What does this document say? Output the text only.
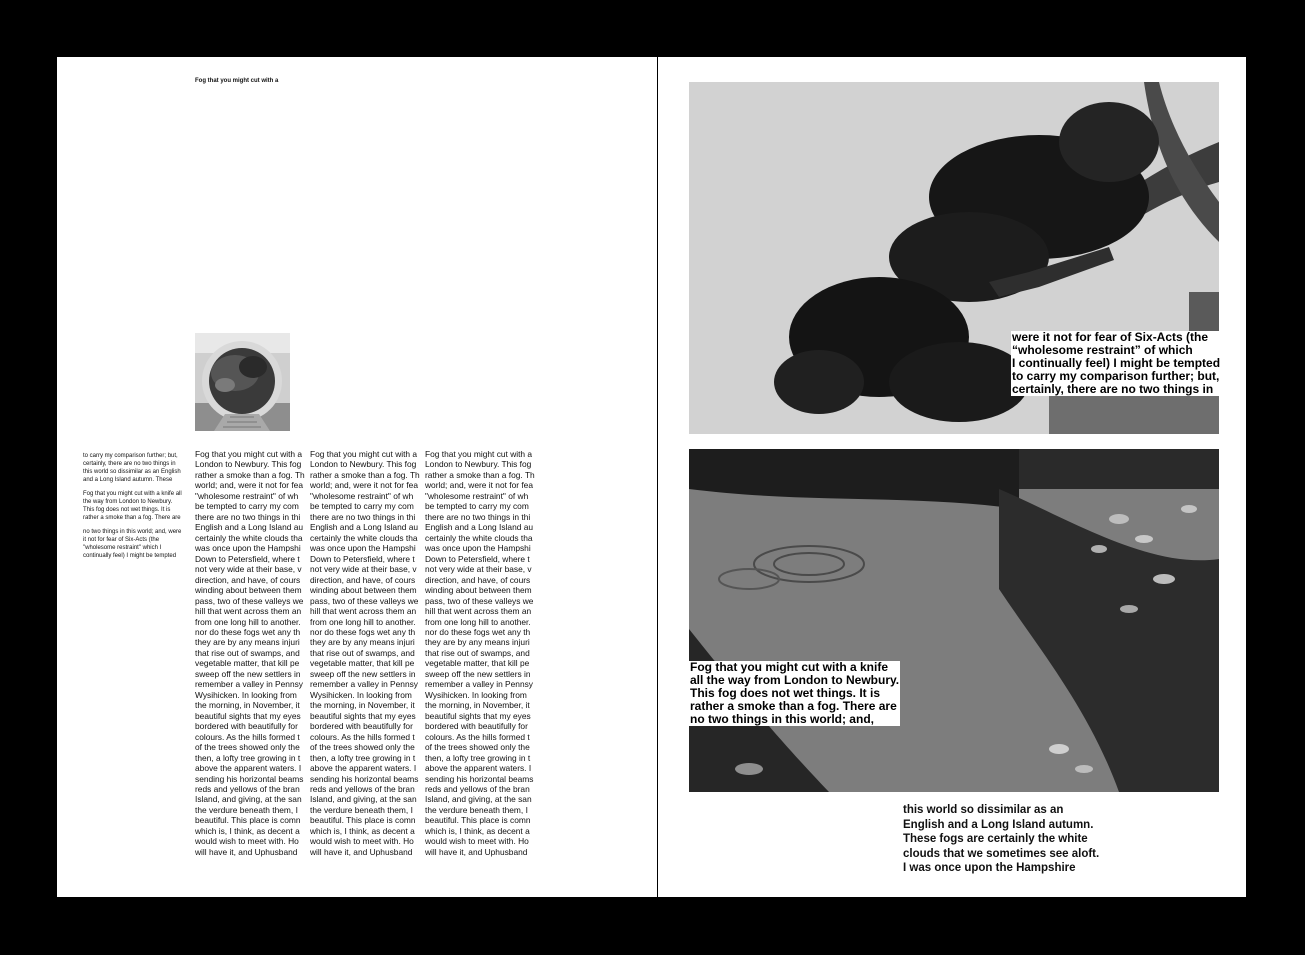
Fog that you might cut with a

to carry my comparison further; but, certainly, there are no two things in this world so dissimilar as an English and a Long Island autumn. These

Fog that you might cut with a knife all the way from London to Newbury. This fog does not wet things. It is rather a smoke than a fog. There are

no two things in this world; and, were it not for fear of Six-Acts (the "wholesome restraint" which I continually feel) I might be tempted

Fog that you might cut with a
London to Newbury. This fog
rather a smoke than a fog. Th
world; and, were it not for fea
"wholesome restraint" of wh
be tempted to carry my com
there are no two things in thi
English and a Long Island au
certainly the white clouds tha
was once upon the Hampshi
Down to Petersfield, where t
not very wide at their base, v
direction, and have, of cours
winding about between them
pass, two of these valleys we
hill that went across them an
from one long hill to another.
nor do these fogs wet any th
they are by any means injuri
that rise out of swamps, and
vegetable matter, that kill pe
sweep off the new settlers in
remember a valley in Pennsy
Wysihicken. In looking from
the morning, in November, it
beautiful sights that my eyes
bordered with beautifully for
colours. As the hills formed t
of the trees showed only the
then, a lofty tree growing in t
above the apparent waters. I
sending his horizontal beams
reds and yellows of the bran
Island, and giving, at the san
the verdure beneath them, I
beautiful. This place is comn
which is, I think, as decent a
would wish to meet with. Ho
will have it, and Uphusband
Fog that you might cut with a
London to Newbury. This fog
rather a smoke than a fog. Th
world; and, were it not for fea
"wholesome restraint" of wh
be tempted to carry my com
there are no two things in thi
English and a Long Island au
certainly the white clouds tha
was once upon the Hampshi
Down to Petersfield, where t
not very wide at their base, v
direction, and have, of cours
winding about between them
pass, two of these valleys we
hill that went across them an
from one long hill to another.
nor do these fogs wet any th
they are by any means injuri
that rise out of swamps, and
vegetable matter, that kill pe
sweep off the new settlers in
remember a valley in Pennsy
Wysihicken. In looking from
the morning, in November, it
beautiful sights that my eyes
bordered with beautifully for
colours. As the hills formed t
of the trees showed only the
then, a lofty tree growing in t
above the apparent waters. I
sending his horizontal beams
reds and yellows of the bran
Island, and giving, at the san
the verdure beneath them, I
beautiful. This place is comn
which is, I think, as decent a
would wish to meet with. Ho
will have it, and Uphusband
Fog that you might cut with a
London to Newbury. This fog
rather a smoke than a fog. Th
world; and, were it not for fea
"wholesome restraint" of wh
be tempted to carry my com
there are no two things in thi
English and a Long Island au
certainly the white clouds tha
was once upon the Hampshi
Down to Petersfield, where t
not very wide at their base, v
direction, and have, of cours
winding about between them
pass, two of these valleys we
hill that went across them an
from one long hill to another.
nor do these fogs wet any th
they are by any means injuri
that rise out of swamps, and
vegetable matter, that kill pe
sweep off the new settlers in
remember a valley in Pennsy
Wysihicken. In looking from
the morning, in November, it
beautiful sights that my eyes
bordered with beautifully for
colours. As the hills formed t
of the trees showed only the
then, a lofty tree growing in t
above the apparent waters. I
sending his horizontal beams
reds and yellows of the bran
Island, and giving, at the san
the verdure beneath them, I
beautiful. This place is comn
which is, I think, as decent a
would wish to meet with. Ho
will have it, and Uphusband
were it not for fear of Six-Acts (the
“wholesome restraint” of which
I continually feel) I might be tempted
to carry my comparison further; but,
certainly, there are no two things in
Fog that you might cut with a knife
all the way from London to Newbury.
This fog does not wet things. It is
rather a smoke than a fog. There are
no two things in this world; and,
this world so dissimilar as an
English and a Long Island autumn.
These fogs are certainly the white
clouds that we sometimes see aloft.
I was once upon the Hampshire
